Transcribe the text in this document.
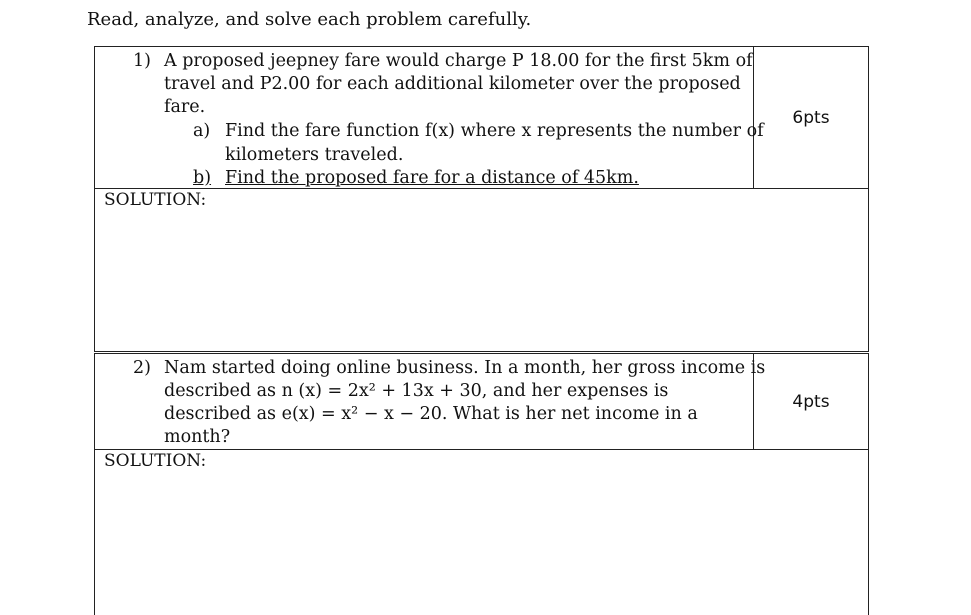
Read, analyze, and solve each problem carefully.
1) A proposed jeepney fare would charge P 18.00 for the first 5km of
travel and P2.00 for each additional kilometer over the proposed
fare.
a) Find the fare function f(x) where x represents the number of
kilometers traveled.
b) Find the proposed fare for a distance of 45km.
6pts
SOLUTION:
2) Nam started doing online business. In a month, her gross income is
described as n (x) = 2x² + 13x + 30, and her expenses is
described as e(x) = x² − x − 20. What is her net income in a
month?
4pts
SOLUTION:
